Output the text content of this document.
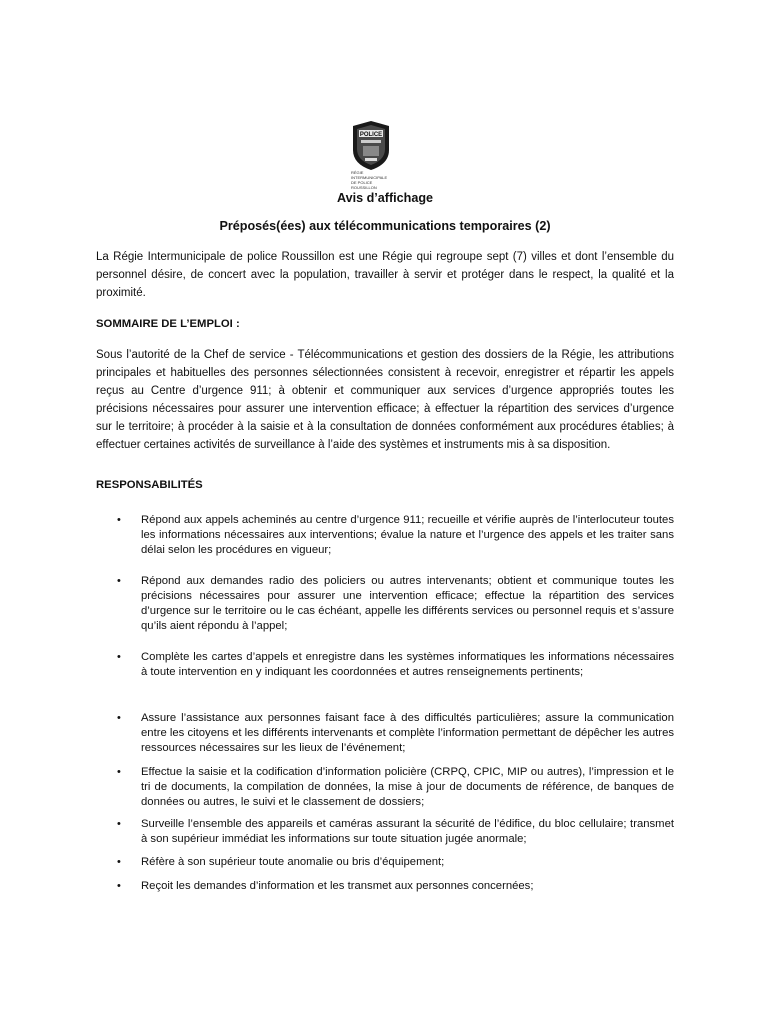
POLICE
RÉGIE INTERMUNICIPALE
DE POLICE ROUSSILLON
Avis d’affichage
Préposés(ées) aux télécommunications temporaires (2)
La Régie Intermunicipale de police Roussillon est une Régie qui regroupe sept (7) villes et dont l’ensemble du personnel désire, de concert avec la population, travailler à servir et protéger dans le respect, la qualité et la proximité.
SOMMAIRE DE L’EMPLOI :
Sous l’autorité de la Chef de service - Télécommunications et gestion des dossiers de la Régie, les attributions principales et habituelles des personnes sélectionnées consistent à recevoir, enregistrer et répartir les appels reçus au Centre d’urgence 911; à obtenir et communiquer aux services d’urgence appropriés toutes les précisions nécessaires pour assurer une intervention efficace; à effectuer la répartition des services d’urgence sur le territoire; à procéder à la saisie et à la consultation de données conformément aux procédures établies; à effectuer certaines activités de surveillance à l’aide des systèmes et instruments mis à sa disposition.
RESPONSABILITÉS
• Répond aux appels acheminés au centre d’urgence 911; recueille et vérifie auprès de l’interlocuteur toutes les informations nécessaires aux interventions; évalue la nature et l’urgence des appels et les traiter sans délai selon les procédures en vigueur;
• Répond aux demandes radio des policiers ou autres intervenants; obtient et communique toutes les précisions nécessaires pour assurer une intervention efficace; effectue la répartition des services d’urgence sur le territoire ou le cas échéant, appelle les différents services ou personnel requis et s’assure qu’ils aient répondu à l’appel;
• Complète les cartes d’appels et enregistre dans les systèmes informatiques les informations nécessaires à toute intervention en y indiquant les coordonnées et autres renseignements pertinents;
• Assure l’assistance aux personnes faisant face à des difficultés particulières; assure la communication entre les citoyens et les différents intervenants et complète l’information permettant de dépêcher les autres ressources nécessaires sur les lieux de l’événement;
• Effectue la saisie et la codification d’information policière (CRPQ, CPIC, MIP ou autres), l’impression et le tri de documents, la compilation de données, la mise à jour de documents de référence, de banques de données ou autres, le suivi et le classement de dossiers;
• Surveille l’ensemble des appareils et caméras assurant la sécurité de l’édifice, du bloc cellulaire; transmet à son supérieur immédiat les informations sur toute situation jugée anormale;
• Réfère à son supérieur toute anomalie ou bris d’équipement;
• Reçoit les demandes d’information et les transmet aux personnes concernées;
